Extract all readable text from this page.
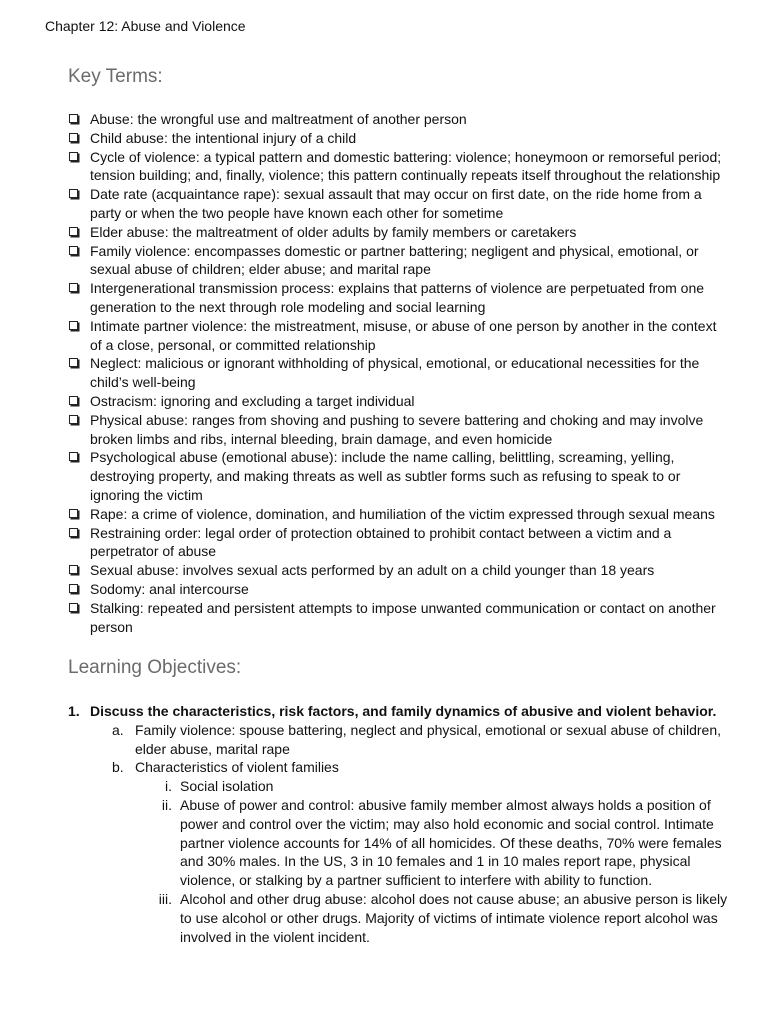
Chapter 12: Abuse and Violence
Key Terms:
Abuse: the wrongful use and maltreatment of another person
Child abuse: the intentional injury of a child
Cycle of violence: a typical pattern and domestic battering: violence; honeymoon or remorseful period; tension building; and, finally, violence; this pattern continually repeats itself throughout the relationship
Date rate (acquaintance rape): sexual assault that may occur on first date, on the ride home from a party or when the two people have known each other for sometime
Elder abuse: the maltreatment of older adults by family members or caretakers
Family violence: encompasses domestic or partner battering; negligent and physical, emotional, or sexual abuse of children; elder abuse; and marital rape
Intergenerational transmission process: explains that patterns of violence are perpetuated from one generation to the next through role modeling and social learning
Intimate partner violence: the mistreatment, misuse, or abuse of one person by another in the context of a close, personal, or committed relationship
Neglect: malicious or ignorant withholding of physical, emotional, or educational necessities for the child’s well-being
Ostracism: ignoring and excluding a target individual
Physical abuse: ranges from shoving and pushing to severe battering and choking and may involve broken limbs and ribs, internal bleeding, brain damage, and even homicide
Psychological abuse (emotional abuse): include the name calling, belittling, screaming, yelling, destroying property, and making threats as well as subtler forms such as refusing to speak to or ignoring the victim
Rape: a crime of violence, domination, and humiliation of the victim expressed through sexual means
Restraining order: legal order of protection obtained to prohibit contact between a victim and a perpetrator of abuse
Sexual abuse: involves sexual acts performed by an adult on a child younger than 18 years
Sodomy: anal intercourse
Stalking: repeated and persistent attempts to impose unwanted communication or contact on another person
Learning Objectives:
1. Discuss the characteristics, risk factors, and family dynamics of abusive and violent behavior.
a. Family violence: spouse battering, neglect and physical, emotional or sexual abuse of children, elder abuse, marital rape
b. Characteristics of violent families
i. Social isolation
ii. Abuse of power and control: abusive family member almost always holds a position of power and control over the victim; may also hold economic and social control. Intimate partner violence accounts for 14% of all homicides. Of these deaths, 70% were females and 30% males. In the US, 3 in 10 females and 1 in 10 males report rape, physical violence, or stalking by a partner sufficient to interfere with ability to function.
iii. Alcohol and other drug abuse: alcohol does not cause abuse; an abusive person is likely to use alcohol or other drugs. Majority of victims of intimate violence report alcohol was involved in the violent incident.
